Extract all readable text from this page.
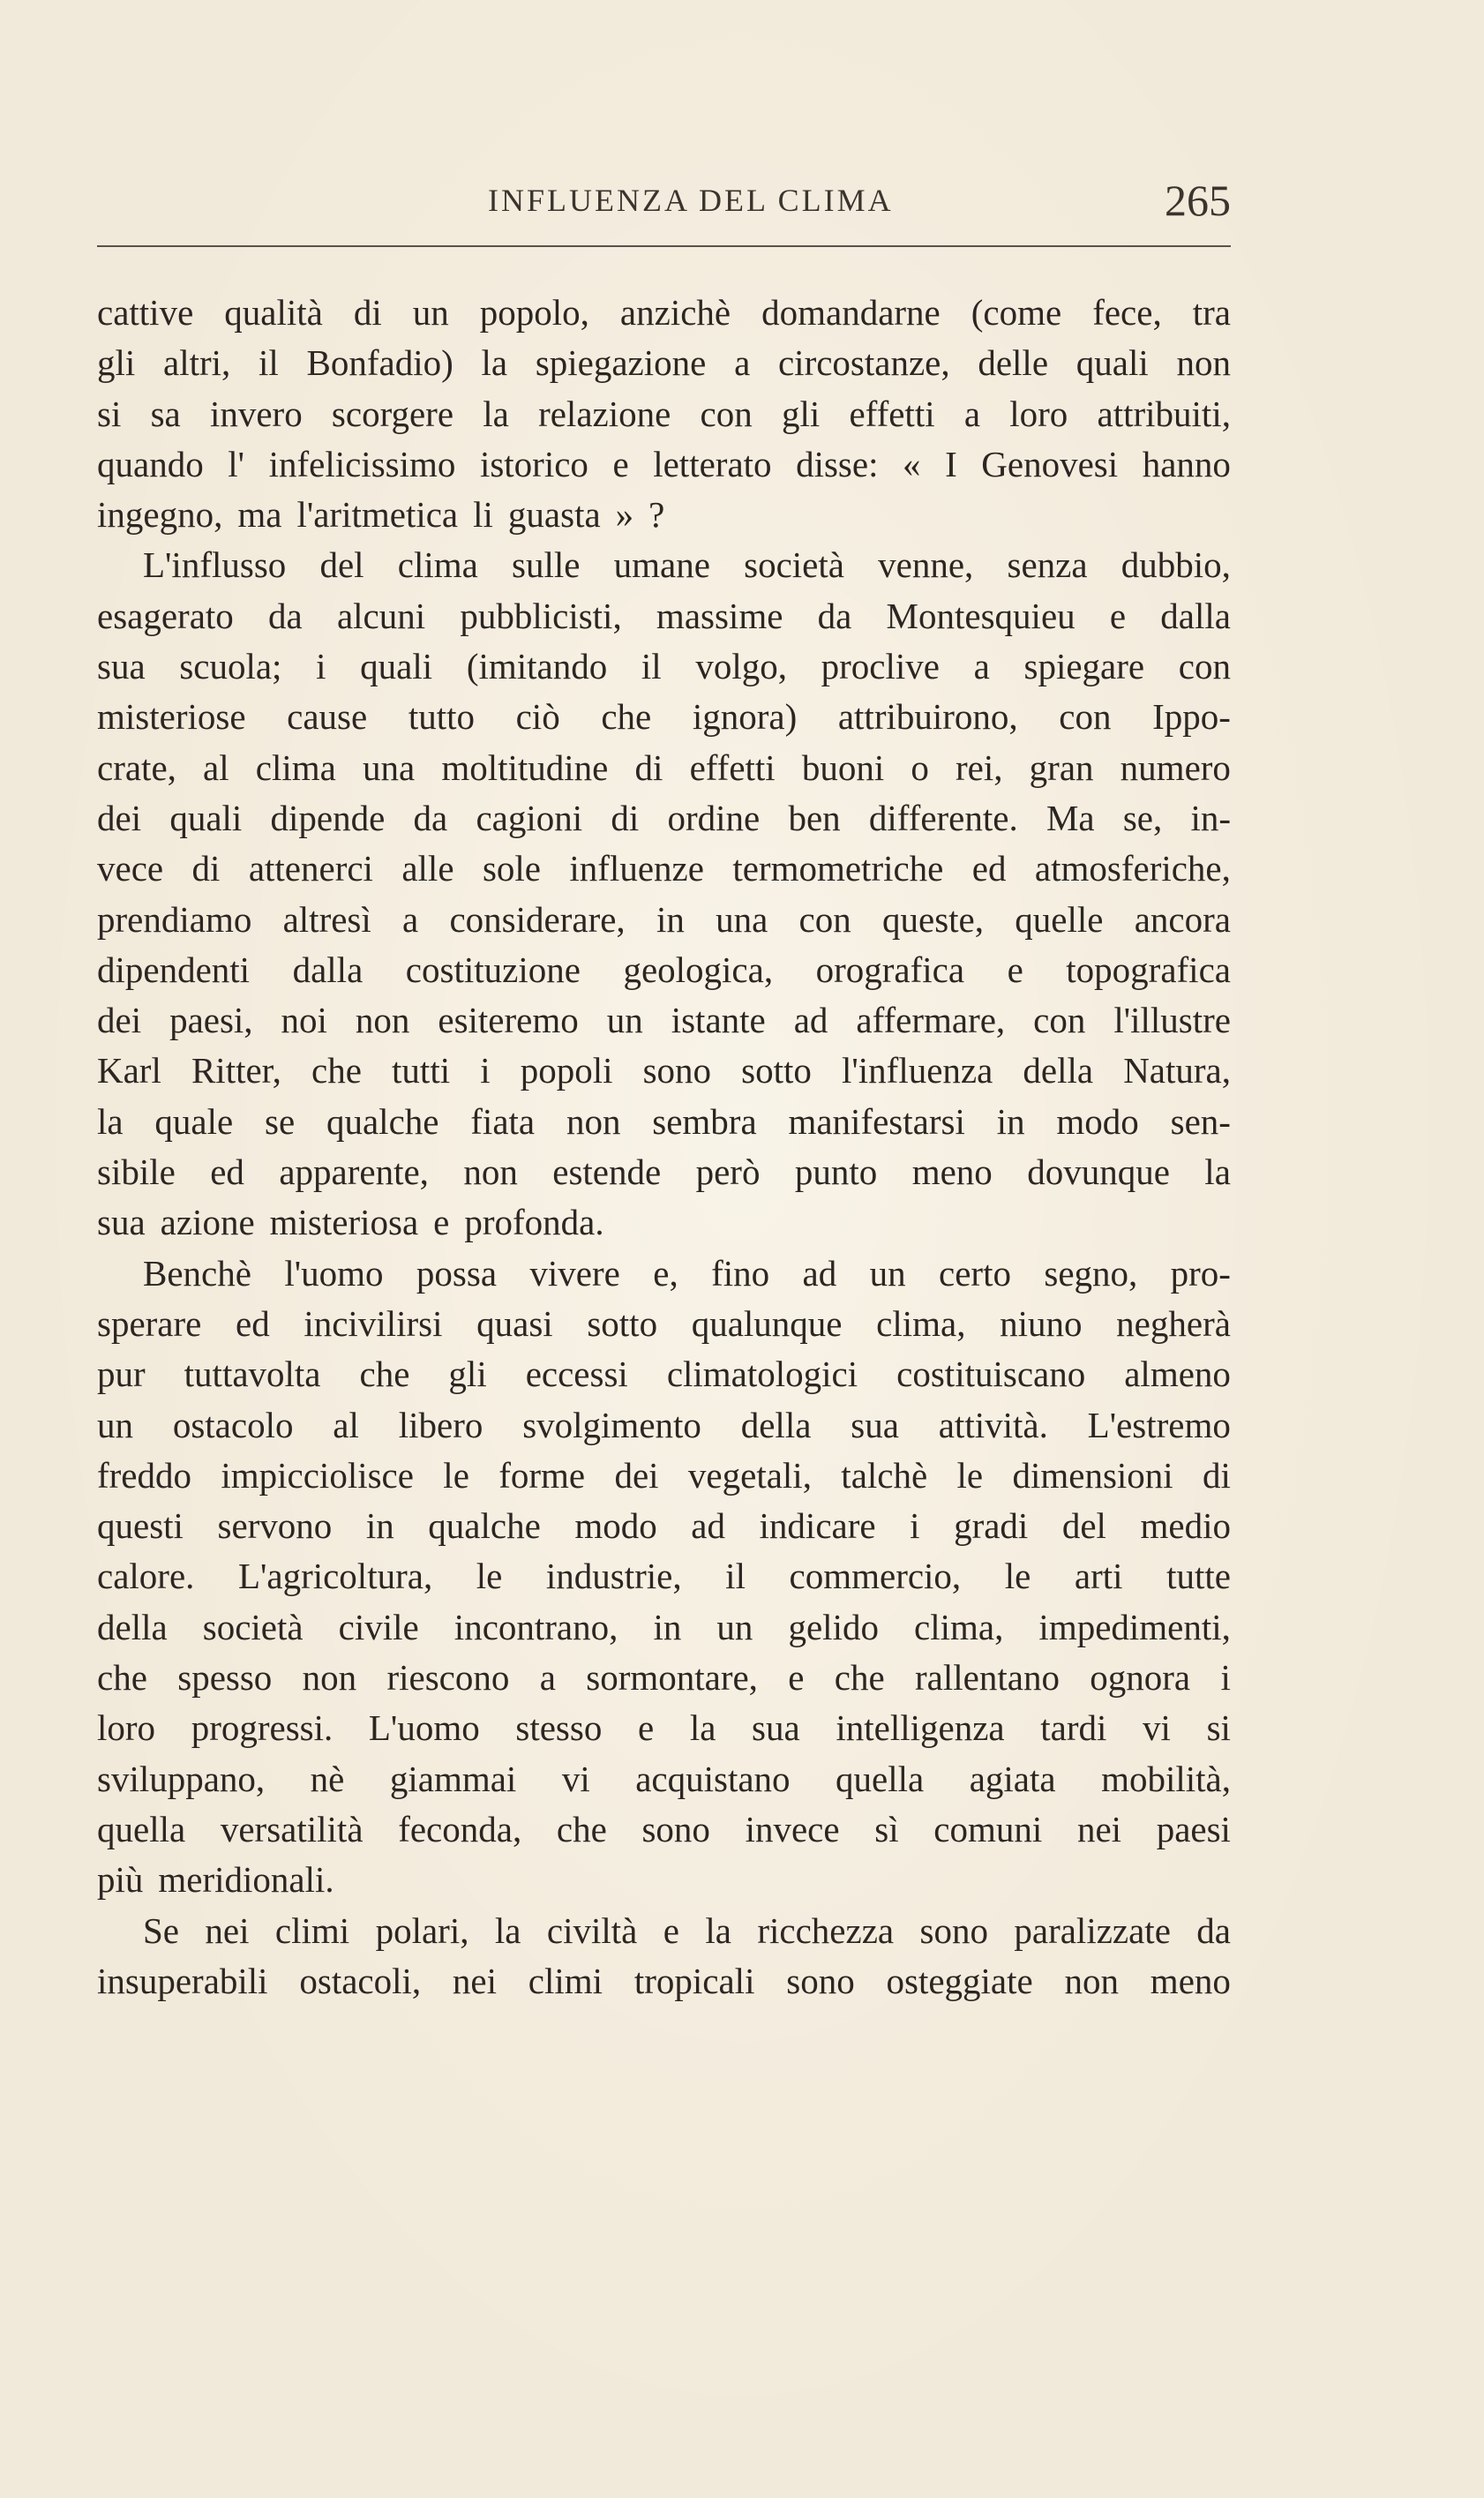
INFLUENZA DEL CLIMA	265
cattive qualità di un popolo, anzichè domandarne (come fece, tra
gli altri, il Bonfadio) la spiegazione a circostanze, delle quali non
si sa invero scorgere la relazione con gli effetti a loro attribuiti,
quando l' infelicissimo istorico e letterato disse: « I Genovesi hanno
ingegno, ma l'aritmetica li guasta » ?
L'influsso del clima sulle umane società venne, senza dubbio,
esagerato da alcuni pubblicisti, massime da Montesquieu e dalla
sua scuola; i quali (imitando il volgo, proclive a spiegare con
misteriose cause tutto ciò che ignora) attribuirono, con Ippo-
crate, al clima una moltitudine di effetti buoni o rei, gran numero
dei quali dipende da cagioni di ordine ben differente. Ma se, in-
vece di attenerci alle sole influenze termometriche ed atmosferiche,
prendiamo altresì a considerare, in una con queste, quelle ancora
dipendenti dalla costituzione geologica, orografica e topografica
dei paesi, noi non esiteremo un istante ad affermare, con l'illustre
Karl Ritter, che tutti i popoli sono sotto l'influenza della Natura,
la quale se qualche fiata non sembra manifestarsi in modo sen-
sibile ed apparente, non estende però punto meno dovunque la
sua azione misteriosa e profonda.
Benchè l'uomo possa vivere e, fino ad un certo segno, pro-
sperare ed incivilirsi quasi sotto qualunque clima, niuno negherà
pur tuttavolta che gli eccessi climatologici costituiscano almeno
un ostacolo al libero svolgimento della sua attività. L'estremo
freddo impicciolisce le forme dei vegetali, talchè le dimensioni di
questi servono in qualche modo ad indicare i gradi del medio
calore. L'agricoltura, le industrie, il commercio, le arti tutte
della società civile incontrano, in un gelido clima, impedimenti,
che spesso non riescono a sormontare, e che rallentano ognora i
loro progressi. L'uomo stesso e la sua intelligenza tardi vi si
sviluppano, nè giammai vi acquistano quella agiata mobilità,
quella versatilità feconda, che sono invece sì comuni nei paesi
più meridionali.
Se nei climi polari, la civiltà e la ricchezza sono paralizzate da
insuperabili ostacoli, nei climi tropicali sono osteggiate non meno
